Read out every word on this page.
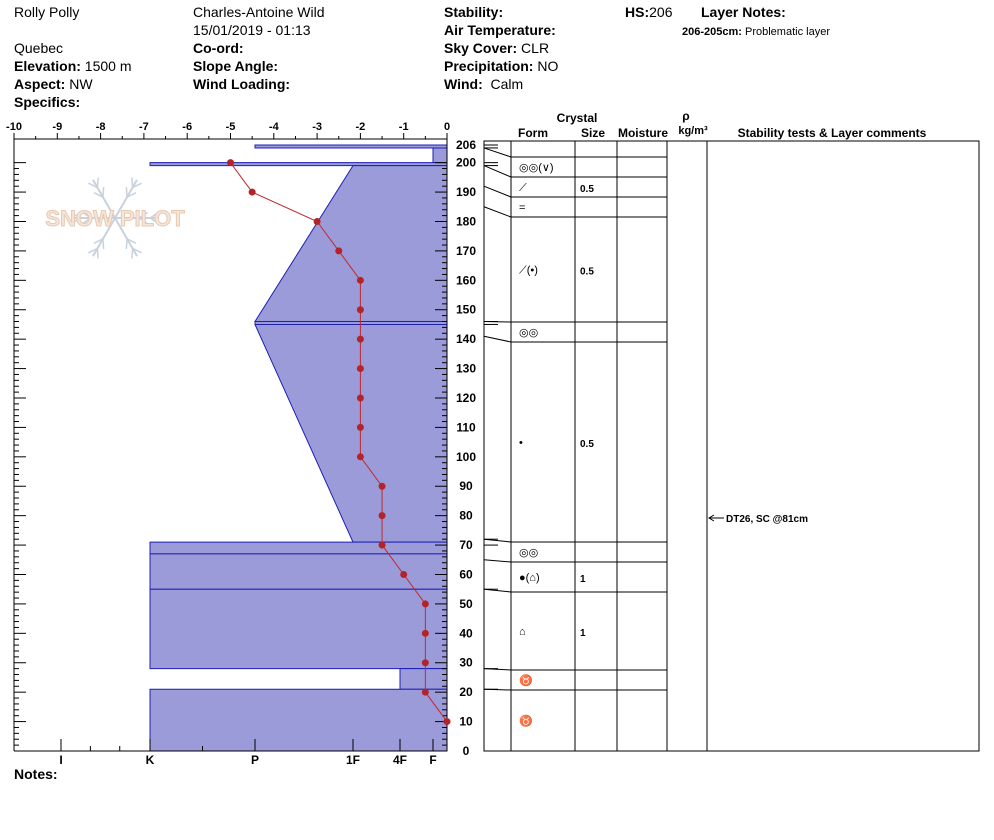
Rolly Polly
Quebec
Elevation: 1500 m
Aspect: NW
Specifics:
Charles-Antoine Wild
15/01/2019 - 01:13
Co-ord:
Slope Angle:
Wind Loading:
Stability:
Air Temperature:
Sky Cover: CLR
Precipitation: NO
Wind: Calm
HS:206 Layer Notes:
206-205cm: Problematic layer
Notes:
SNOW PILOT
-10	-9	-8	-7	-6	-5	-4	-3	-2	-1	0
0
10
20
30
40
50
60
70
80
90
100
110
120
130
140
150
160
170
180
190
200
206
I	K	P	1F	4F F
Crystal
Form	Size Moisture
ρ
kg/m³ Stability tests & Layer comments
◎◎(∨)
⟋	0.5
=
⟋(•)	0.5
◎◎
•	0.5
◎◎
●(⌂)	1
⌂	1
♉
♉
DT26, SC @81cm
